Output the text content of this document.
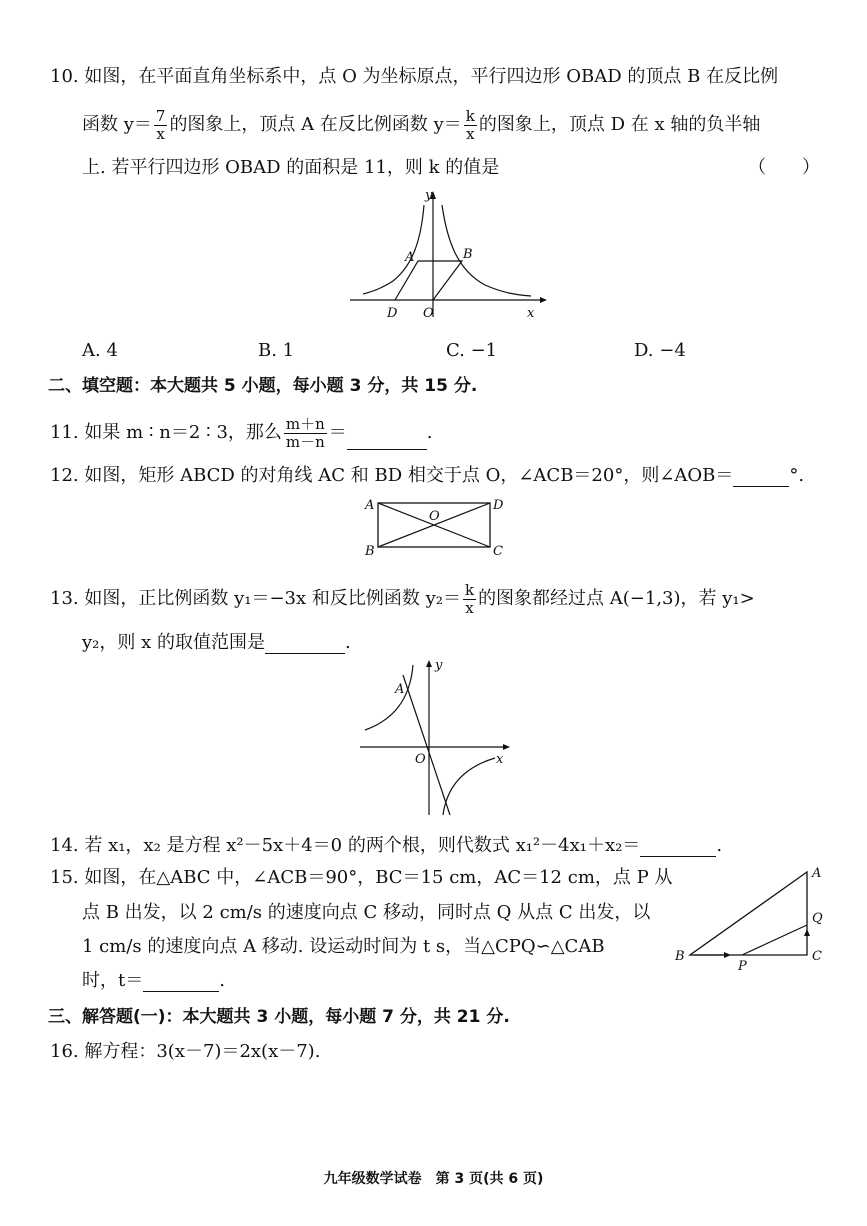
10. 如图，在平面直角坐标系中，点 O 为坐标原点，平行四边形 OBAD 的顶点 B 在反比例
函数 $y= \frac{7}{x}$ 的图象上，顶点 A 在反比例函数 $y= \frac{k}{x}$ 的图象上，顶点 D 在 x 轴的负半轴
上. 若平行四边形 OBAD 的面积是 11，则 k 的值是	（　　）
y
x
A	B
D O
A. 4	B. 1	C. −1	D. −4
二、填空题：本大题共 5 小题，每小题 3 分，共 15 分.
11. 如果 m ∶ n＝2 ∶ 3，那么 $\frac{m+n}{m-n}$ ＝	.
12. 如图，矩形 ABCD 的对角线 AC 和 BD 相交于点 O，∠ACB＝20°，则∠AOB＝	°.
A	D
B	C
O
13. 如图，正比例函数 y₁＝−3x 和反比例函数 $y_2= \frac{k}{x}$ 的图象都经过点 A(−1,3)，若 y₁>
y₂，则 x 的取值范围是	.
A
y
x
O
14. 若 x₁，x₂ 是方程 x²－5x＋4＝0 的两个根，则代数式 x₁²－4x₁＋x₂＝	.
15. 如图，在△ABC 中，∠ACB＝90°，BC＝15 cm，AC＝12 cm，点 P 从
点 B 出发，以 2 cm/s 的速度向点 C 移动，同时点 Q 从点 C 出发，以
1 cm/s 的速度向点 A 移动. 设运动时间为 t s，当△CPQ∽△CAB
时，t＝	.
A
B	C
P
Q
三、解答题(一)：本大题共 3 小题，每小题 7 分，共 21 分.
16. 解方程：3(x－7)＝2x(x－7).
九年级数学试卷　第 3 页(共 6 页)
